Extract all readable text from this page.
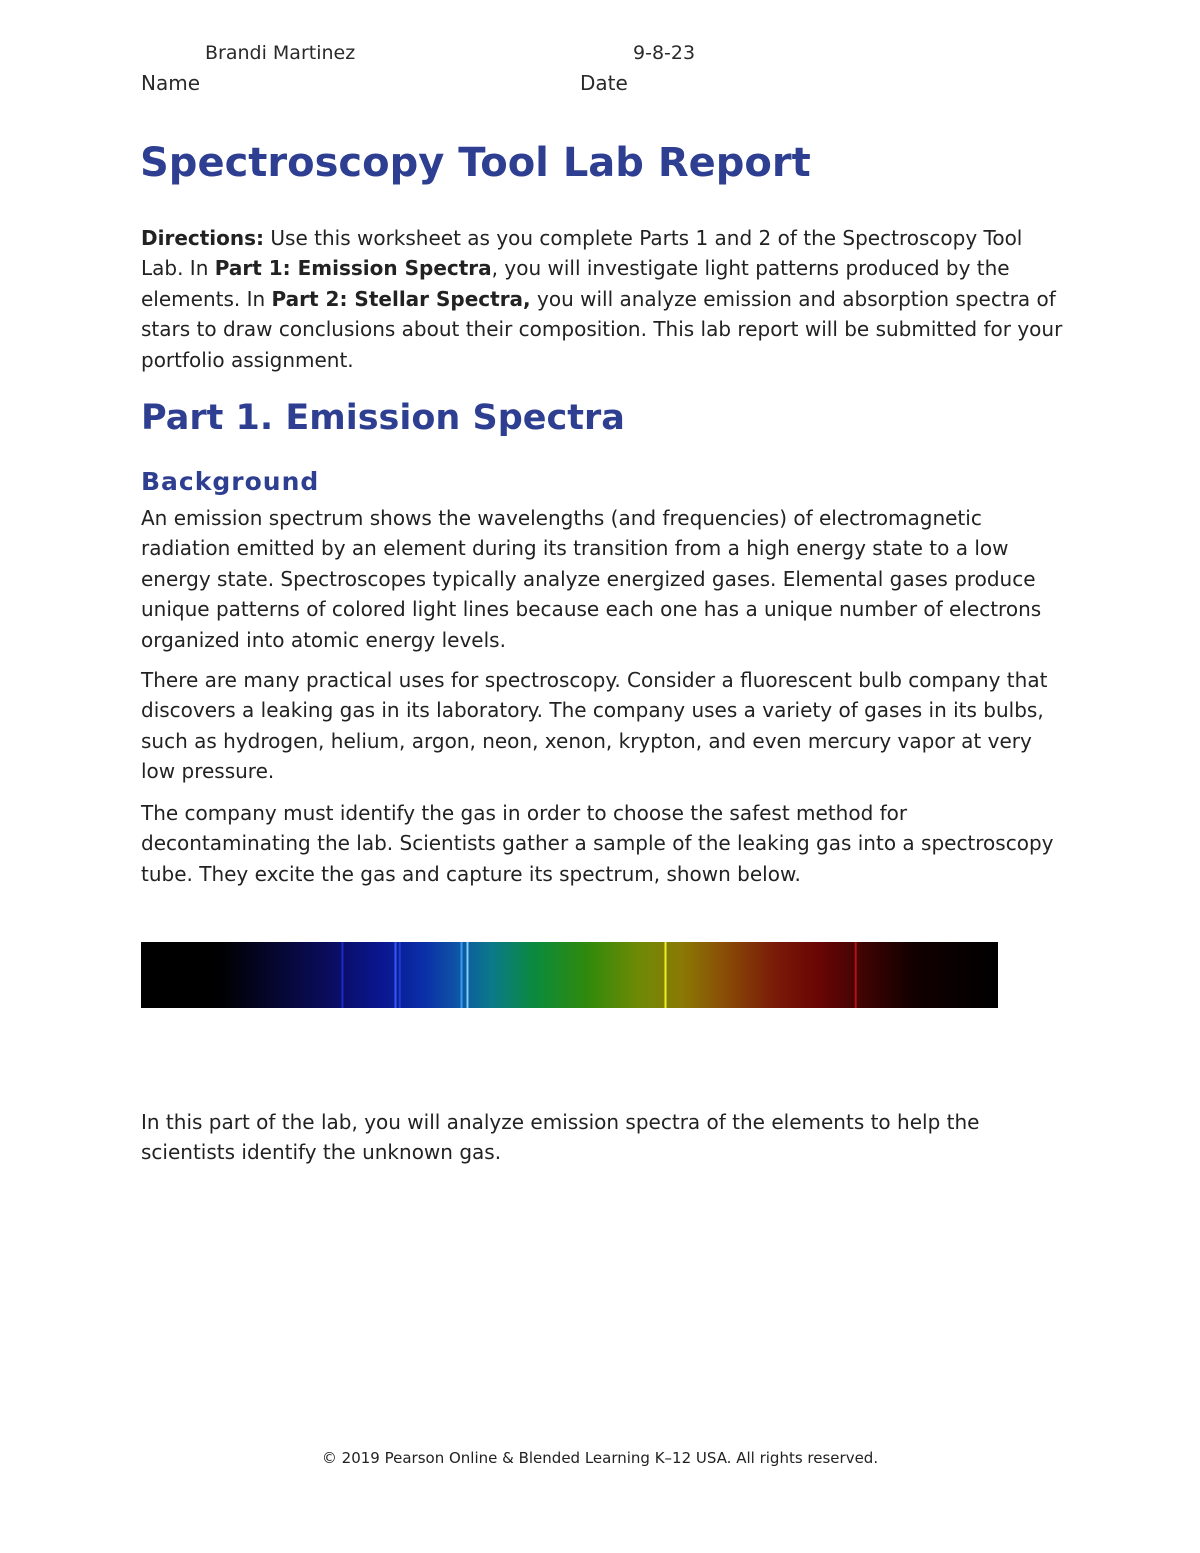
Brandi Martinez	9-8-23
Name	Date
Spectroscopy Tool Lab Report

Directions: Use this worksheet as you complete Parts 1 and 2 of the Spectroscopy Tool Lab. In Part 1: Emission Spectra, you will investigate light patterns produced by the elements. In Part 2: Stellar Spectra, you will analyze emission and absorption spectra of stars to draw conclusions about their composition. This lab report will be submitted for your portfolio assignment.

Part 1. Emission Spectra
Background

An emission spectrum shows the wavelengths (and frequencies) of electromagnetic radiation emitted by an element during its transition from a high energy state to a low energy state. Spectroscopes typically analyze energized gases. Elemental gases produce unique patterns of colored light lines because each one has a unique number of electrons organized into atomic energy levels.

There are many practical uses for spectroscopy. Consider a fluorescent bulb company that discovers a leaking gas in its laboratory. The company uses a variety of gases in its bulbs, such as hydrogen, helium, argon, neon, xenon, krypton, and even mercury vapor at very low pressure.

The company must identify the gas in order to choose the safest method for decontaminating the lab. Scientists gather a sample of the leaking gas into a spectroscopy tube. They excite the gas and capture its spectrum, shown below.

In this part of the lab, you will analyze emission spectra of the elements to help the scientists identify the unknown gas.

© 2019 Pearson Online & Blended Learning K–12 USA. All rights reserved.
